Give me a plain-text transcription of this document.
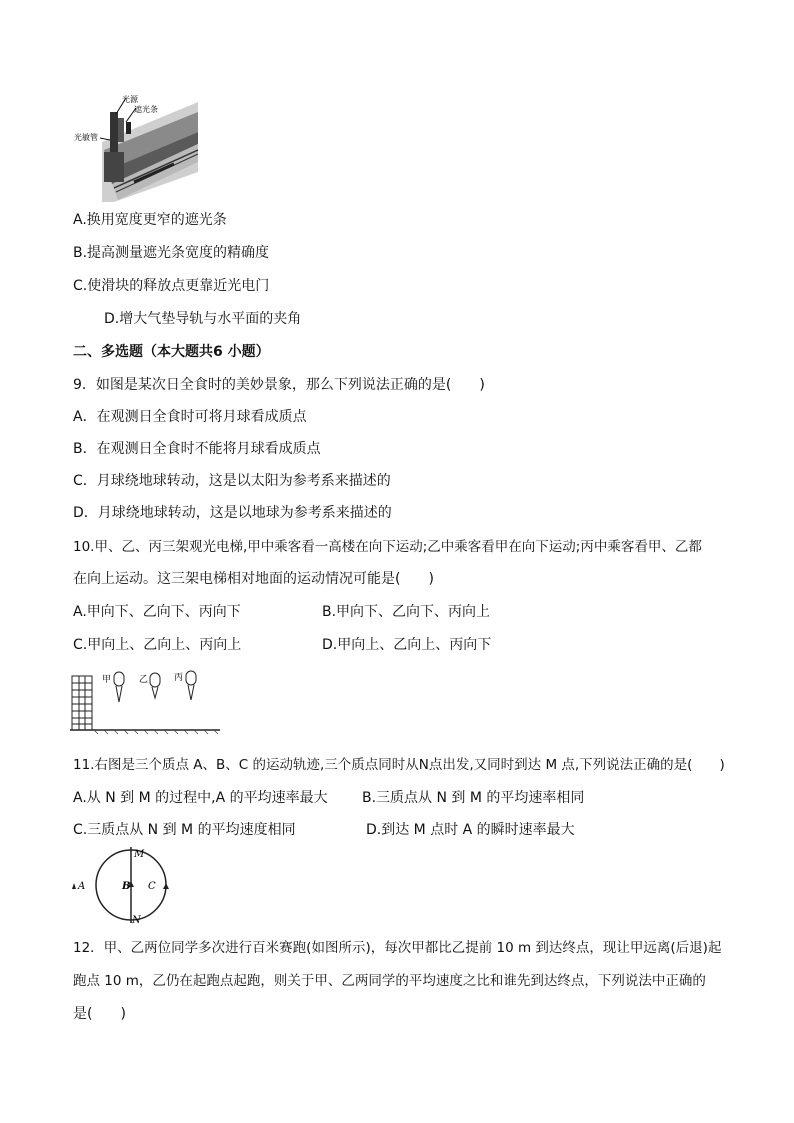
光源
遮光条
光敏管
A.换用宽度更窄的遮光条
B.提高测量遮光条宽度的精确度
C.使滑块的释放点更靠近光电门
D.增大气垫导轨与水平面的夹角
二、多选题（本大题共6 小题）
9．如图是某次日全食时的美妙景象，那么下列说法正确的是(　　)
A．在观测日全食时可将月球看成质点
B．在观测日全食时不能将月球看成质点
C．月球绕地球转动，这是以太阳为参考系来描述的
D．月球绕地球转动，这是以地球为参考系来描述的
10.甲、乙、丙三架观光电梯,甲中乘客看一高楼在向下运动;乙中乘客看甲在向下运动;丙中乘客看甲、乙都
在向上运动。这三架电梯相对地面的运动情况可能是(　　)
A.甲向下、乙向下、丙向下	B.甲向下、乙向下、丙向上
C.甲向上、乙向上、丙向上	D.甲向上、乙向上、丙向下
甲	乙	丙
11.右图是三个质点 A、B、C 的运动轨迹,三个质点同时从N点出发,又同时到达 M 点,下列说法正确的是(　　)
A.从 N 到 M 的过程中,A 的平均速率最大 B.三质点从 N 到 M 的平均速率相同
C.三质点从 N 到 M 的平均速度相同	D.到达 M 点时 A 的瞬时速率最大
M
A	B C
N
12．甲、乙两位同学多次进行百米赛跑(如图所示)，每次甲都比乙提前 10 m 到达终点，现让甲远离(后退)起
跑点 10 m，乙仍在起跑点起跑，则关于甲、乙两同学的平均速度之比和谁先到达终点，下列说法中正确的
是(　　)
